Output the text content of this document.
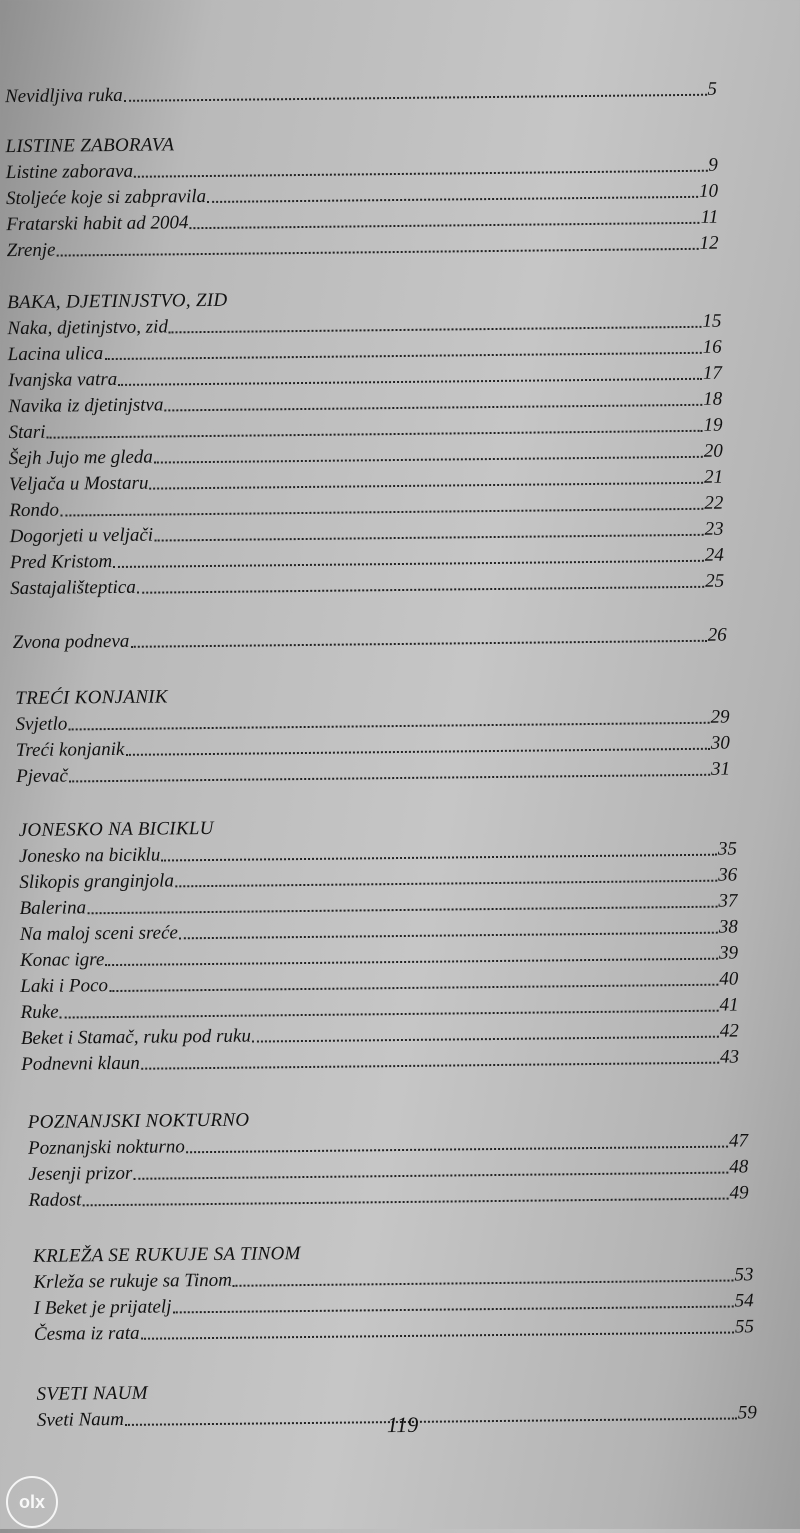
Nevidljiva ruka	5
LISTINE ZABORAVA
Listine zaborava	9
Stoljeće koje si zabpravila	10
Fratarski habit ad 2004	11
Zrenje	12
BAKA, DJETINJSTVO, ZID
Naka, djetinjstvo, zid	15
Lacina ulica	16
Ivanjska vatra	17
Navika iz djetinjstva	18
Stari	19
Šejh Jujo me gleda	20
Veljača u Mostaru	21
Rondo	22
Dogorjeti u veljači	23
Pred Kristom	24
Sastajališteptica	25
Zvona podneva	26
TREĆI KONJANIK
Svjetlo	29
Treći konjanik	30
Pjevač	31
JONESKO NA BICIKLU
Jonesko na biciklu	35
Slikopis granginjola	36
Balerina	37
Na maloj sceni sreće	38
Konac igre	39
Laki i Poco	40
Ruke	41
Beket i Stamač, ruku pod ruku	42
Podnevni klaun	43
POZNANJSKI NOKTURNO
Poznanjski nokturno	47
Jesenji prizor	48
Radost	49
KRLEŽA SE RUKUJE SA TINOM
Krleža se rukuje sa Tinom	53
I Beket je prijatelj	54
Česma iz rata	55
SVETI NAUM
Sveti Naum	59
119
olx
